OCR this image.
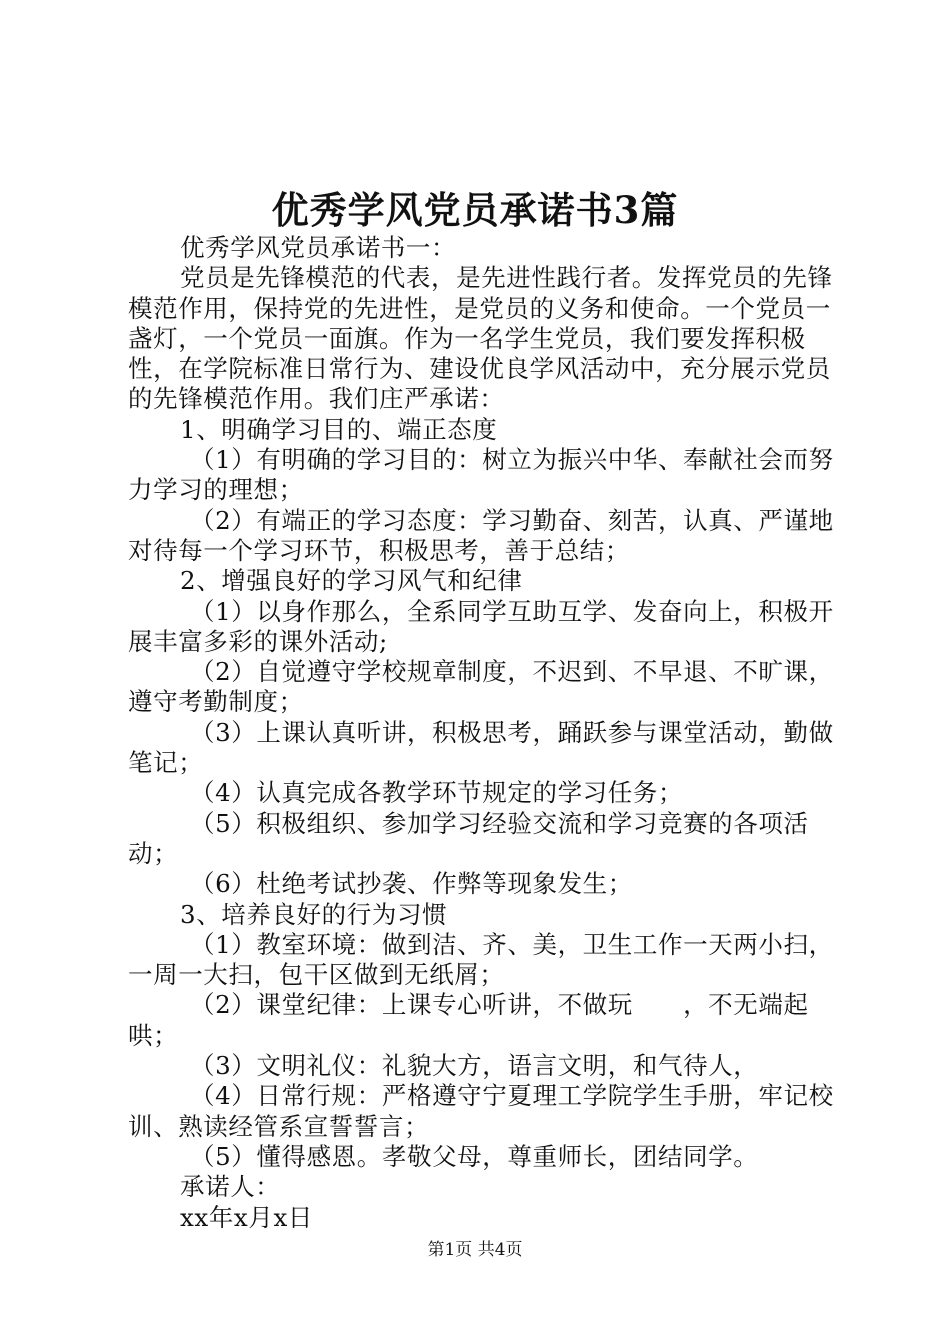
优秀学风党员承诺书3篇

优秀学风党员承诺书一：

党员是先锋模范的代表，是先进性践行者。发挥党员的先锋模范作用，保持党的先进性，是党员的义务和使命。一个党员一盏灯，一个党员一面旗。作为一名学生党员，我们要发挥积极性，在学院标准日常行为、建设优良学风活动中，充分展示党员的先锋模范作用。我们庄严承诺：

1、明确学习目的、端正态度

（1）有明确的学习目的：树立为振兴中华、奉献社会而努力学习的理想；

（2）有端正的学习态度：学习勤奋、刻苦，认真、严谨地对待每一个学习环节，积极思考，善于总结；

2、增强良好的学习风气和纪律

（1）以身作那么，全系同学互助互学、发奋向上，积极开展丰富多彩的课外活动;

（2）自觉遵守学校规章制度，不迟到、不早退、不旷课，遵守考勤制度；

（3）上课认真听讲，积极思考，踊跃参与课堂活动，勤做笔记；

（4）认真完成各教学环节规定的学习任务；

（5）积极组织、参加学习经验交流和学习竞赛的各项活动；

（6）杜绝考试抄袭、作弊等现象发生；

3、培养良好的行为习惯

（1）教室环境：做到洁、齐、美，卫生工作一天两小扫，一周一大扫，包干区做到无纸屑；

（2）课堂纪律：上课专心听讲，不做玩　　，不无端起哄；

（3）文明礼仪：礼貌大方，语言文明，和气待人，

（4）日常行规：严格遵守宁夏理工学院学生手册，牢记校训、熟读经管系宣誓誓言；

（5）懂得感恩。孝敬父母，尊重师长，团结同学。

承诺人：

xx年x月x日

第1页 共4页
